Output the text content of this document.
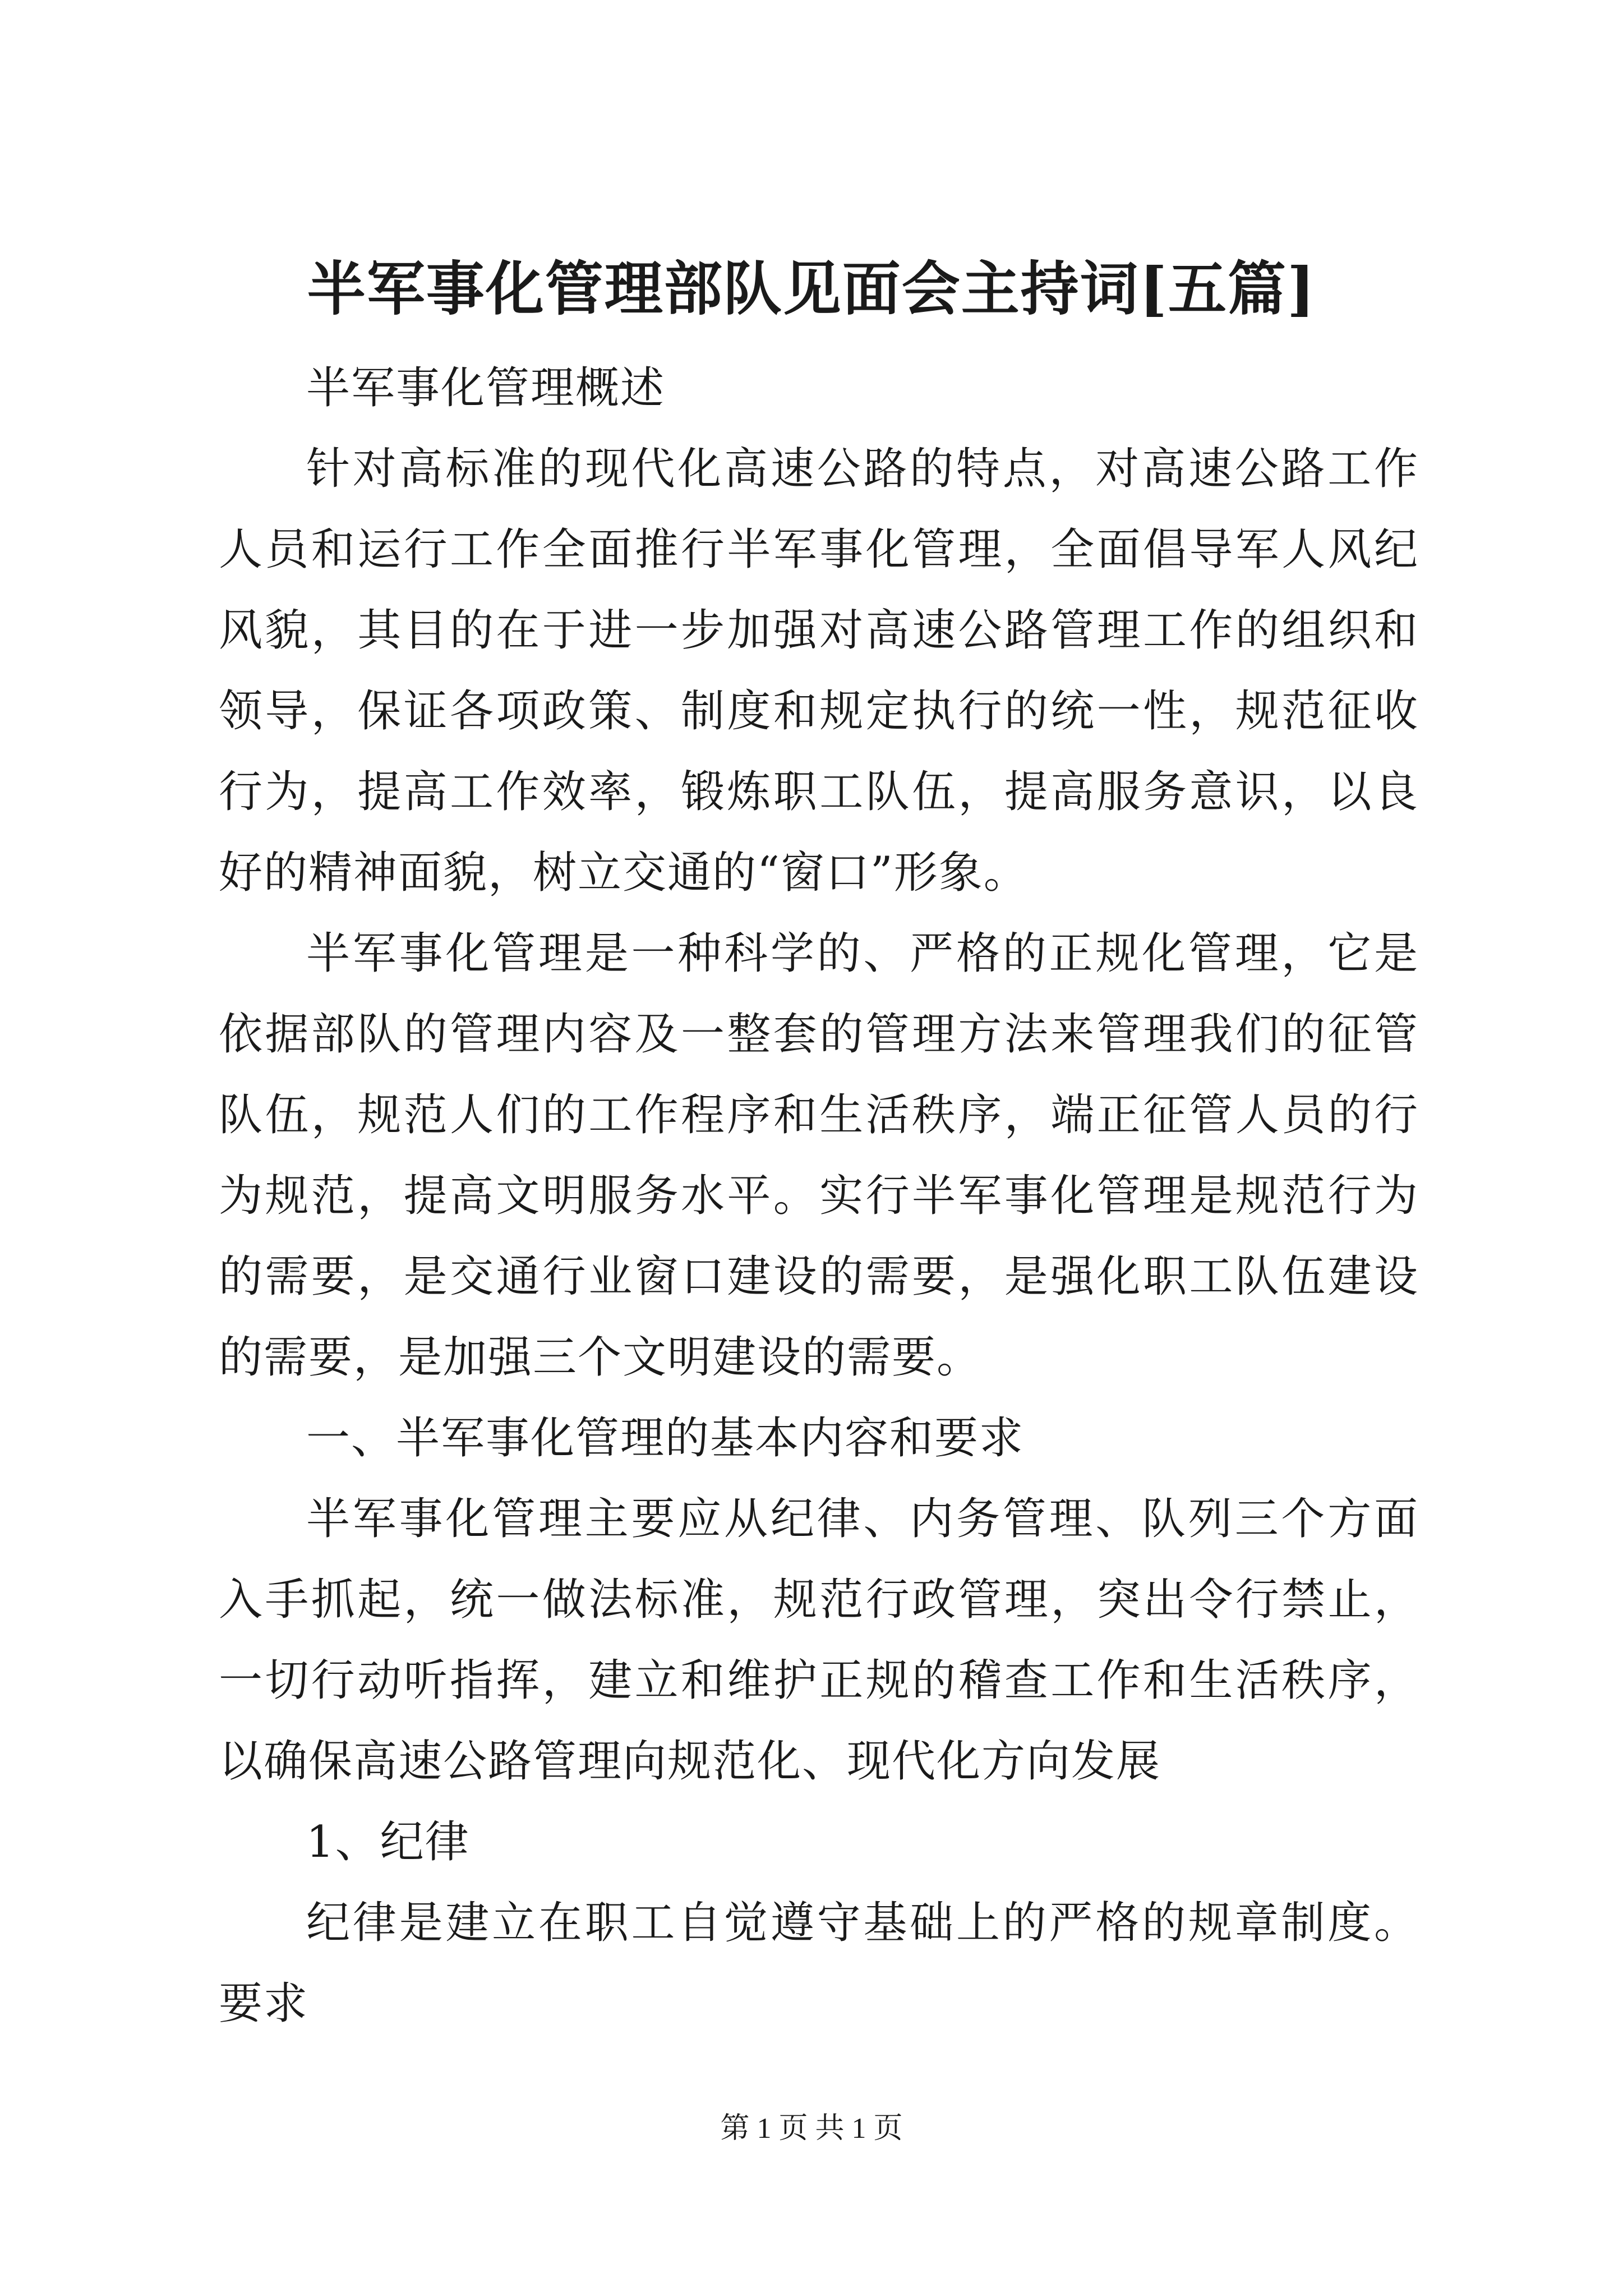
半军事化管理部队见面会主持词[五篇]

半军事化管理概述

针对高标准的现代化高速公路的特点，对高速公路工作人员和运行工作全面推行半军事化管理，全面倡导军人风纪风貌，其目的在于进一步加强对高速公路管理工作的组织和领导，保证各项政策、制度和规定执行的统一性，规范征收行为，提高工作效率，锻炼职工队伍，提高服务意识，以良好的精神面貌，树立交通的“窗口”形象。

半军事化管理是一种科学的、严格的正规化管理，它是依据部队的管理内容及一整套的管理方法来管理我们的征管队伍，规范人们的工作程序和生活秩序，端正征管人员的行为规范，提高文明服务水平。实行半军事化管理是规范行为的需要，是交通行业窗口建设的需要，是强化职工队伍建设的需要，是加强三个文明建设的需要。

一、半军事化管理的基本内容和要求

半军事化管理主要应从纪律、内务管理、队列三个方面入手抓起，统一做法标准，规范行政管理，突出令行禁止，一切行动听指挥，建立和维护正规的稽查工作和生活秩序，以确保高速公路管理向规范化、现代化方向发展

1、纪律

纪律是建立在职工自觉遵守基础上的严格的规章制度。要求

第 1 页 共 1 页
